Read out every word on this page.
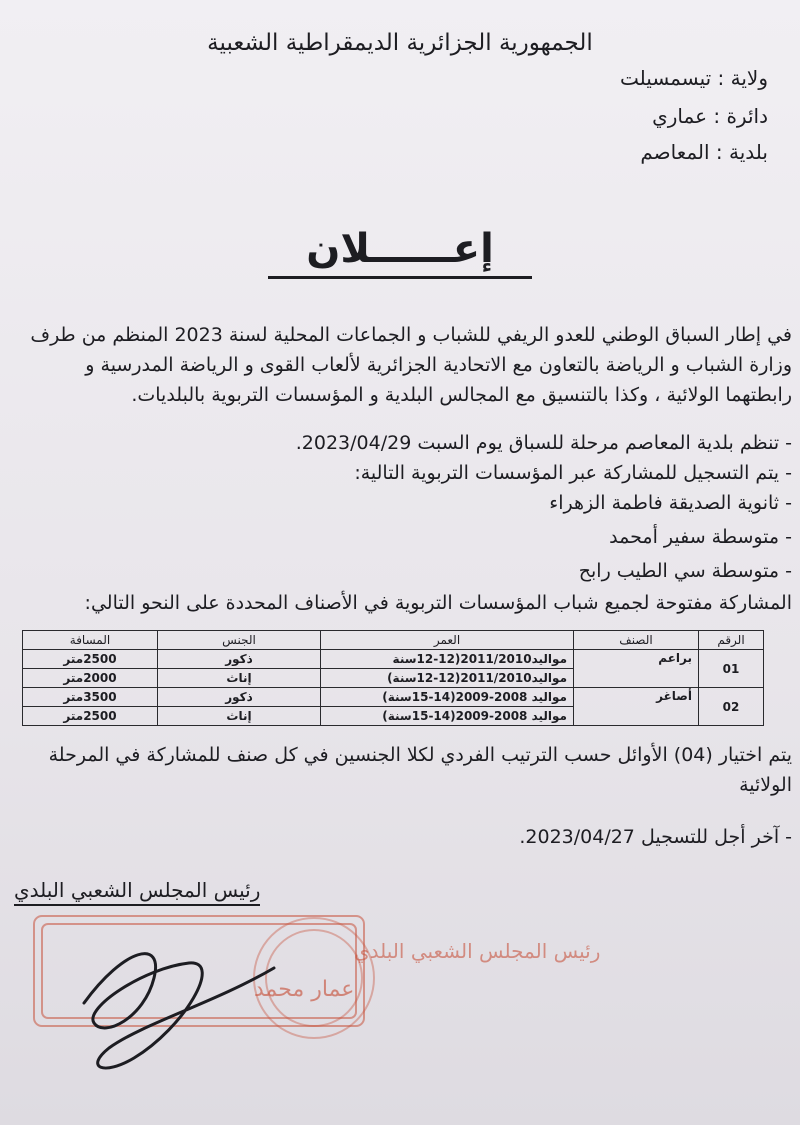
الجمهورية الجزائرية الديمقراطية الشعبية
ولاية : تيسمسيلت
دائرة : عماري
بلدية : المعاصم
إعــــــلان
في إطار السباق الوطني للعدو الريفي للشباب و الجماعات المحلية لسنة 2023 المنظم من طرف وزارة الشباب و الرياضة بالتعاون مع الاتحادية الجزائرية لألعاب القوى و الرياضة المدرسية و رابطتهما الولائية ، وكذا بالتنسيق مع المجالس البلدية و المؤسسات التربوية بالبلديات.
- تنظم بلدية المعاصم مرحلة للسباق يوم السبت 2023/04/29.
- يتم التسجيل للمشاركة عبر المؤسسات التربوية التالية:
- ثانوية الصديقة فاطمة الزهراء
- متوسطة سفير أمحمد
- متوسطة سي الطيب رابح
المشاركة مفتوحة لجميع شباب المؤسسات التربوية في الأصناف المحددة على النحو التالي:
الرقم	الصنف	العمر	الجنس	المسافة
01	براعم	مواليد2011/2010(12-12سنة	ذكور	2500متر
		مواليد2011/2010(12-12سنة)	إناث	2000متر
02	أصاغر	مواليد 2008-2009(14-15سنة)	ذكور	3500متر
		مواليد 2008-2009(14-15سنة)	إناث	2500متر
يتم اختيار (04) الأوائل حسب الترتيب الفردي لكلا الجنسين في كل صنف للمشاركة في المرحلة الولائية
- آخر أجل للتسجيل 2023/04/27.
رئيس المجلس الشعبي البلدي
رئيس المجلس الشعبي البلدي
عمار محمد
